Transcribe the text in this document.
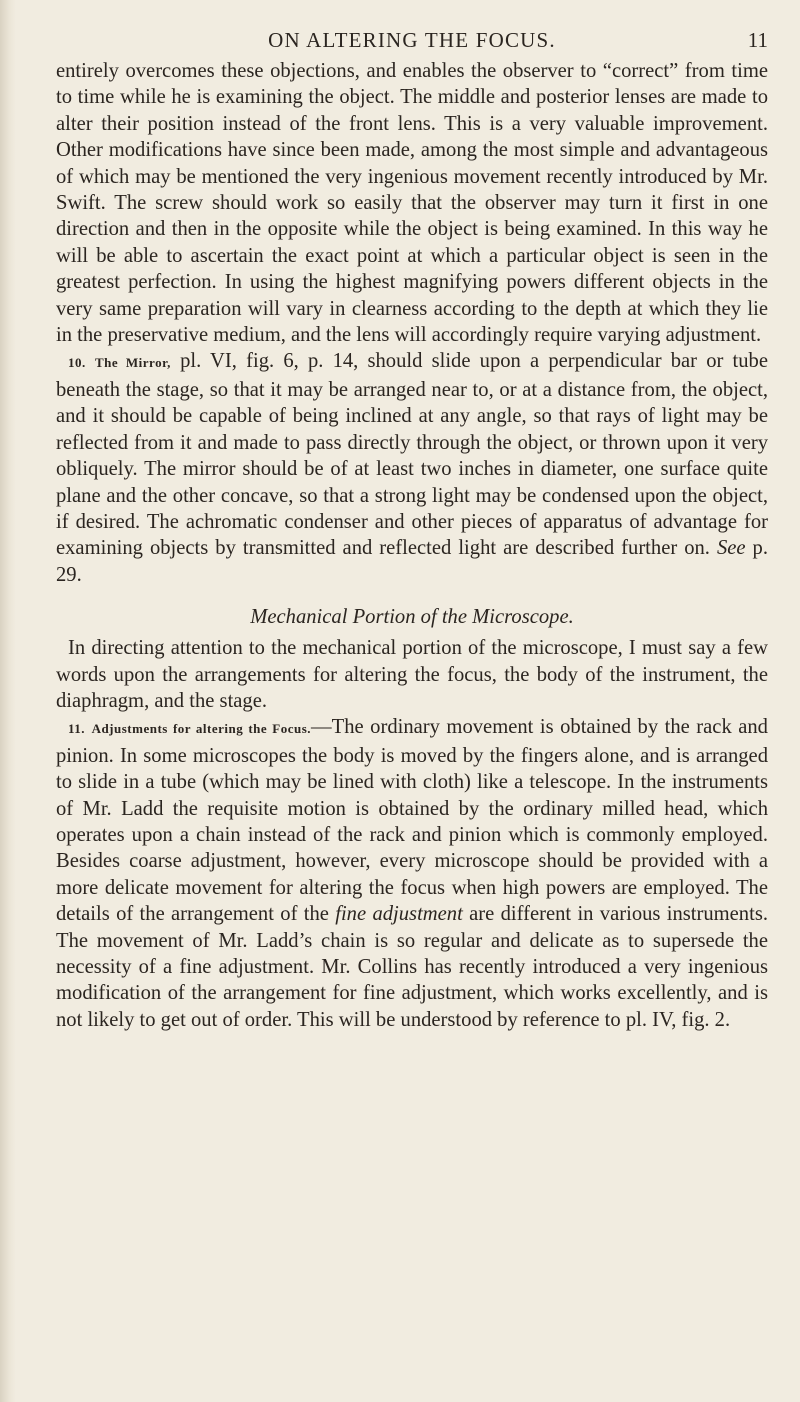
ON ALTERING THE FOCUS.	11

entirely overcomes these objections, and enables the observer to “correct” from time to time while he is examining the object. The middle and posterior lenses are made to alter their position instead of the front lens. This is a very valuable improvement. Other modifications have since been made, among the most simple and advantageous of which may be mentioned the very ingenious movement recently introduced by Mr. Swift. The screw should work so easily that the observer may turn it first in one direction and then in the opposite while the object is being examined. In this way he will be able to ascertain the exact point at which a particular object is seen in the greatest perfection. In using the highest magnifying powers different objects in the very same preparation will vary in clearness according to the depth at which they lie in the preservative medium, and the lens will accordingly require varying adjustment.

10. The Mirror, pl. VI, fig. 6, p. 14, should slide upon a perpendicular bar or tube beneath the stage, so that it may be arranged near to, or at a distance from, the object, and it should be capable of being inclined at any angle, so that rays of light may be reflected from it and made to pass directly through the object, or thrown upon it very obliquely. The mirror should be of at least two inches in diameter, one surface quite plane and the other concave, so that a strong light may be condensed upon the object, if desired. The achromatic condenser and other pieces of apparatus of advantage for examining objects by transmitted and reflected light are described further on. See p. 29.

Mechanical Portion of the Microscope.

In directing attention to the mechanical portion of the microscope, I must say a few words upon the arrangements for altering the focus, the body of the instrument, the diaphragm, and the stage.

11. Adjustments for altering the Focus.—The ordinary movement is obtained by the rack and pinion. In some microscopes the body is moved by the fingers alone, and is arranged to slide in a tube (which may be lined with cloth) like a telescope. In the instruments of Mr. Ladd the requisite motion is obtained by the ordinary milled head, which operates upon a chain instead of the rack and pinion which is commonly employed. Besides coarse adjustment, however, every microscope should be provided with a more delicate movement for altering the focus when high powers are employed. The details of the arrangement of the fine adjustment are different in various instruments. The movement of Mr. Ladd’s chain is so regular and delicate as to supersede the necessity of a fine adjustment. Mr. Collins has recently introduced a very ingenious modification of the arrangement for fine adjustment, which works excellently, and is not likely to get out of order. This will be understood by reference to pl. IV, fig. 2.
